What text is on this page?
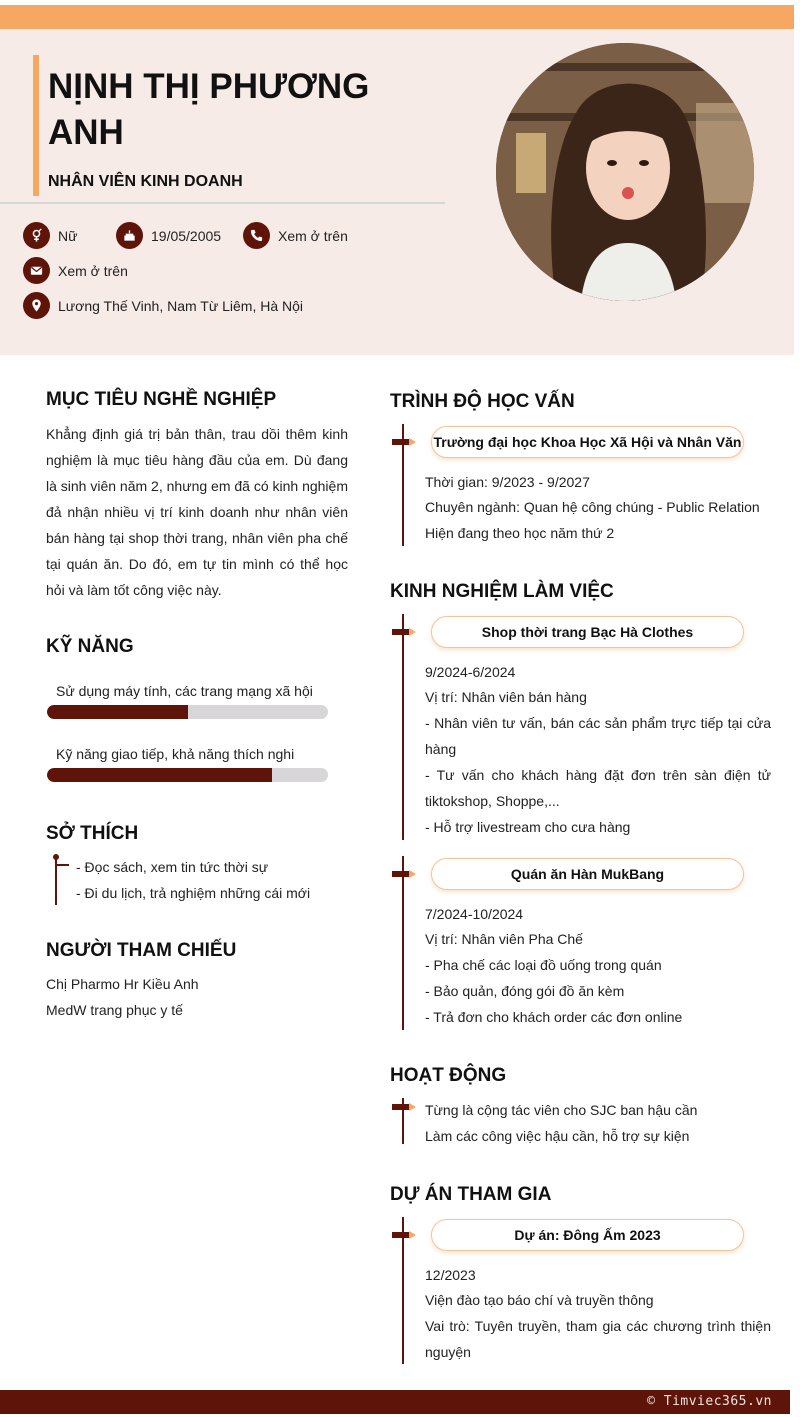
NỊNH THỊ PHƯƠNG ANH
NHÂN VIÊN KINH DOANH
Nữ	19/05/2005	Xem ở trên
Xem ở trên
Lương Thế Vinh, Nam Từ Liêm, Hà Nội
MỤC TIÊU NGHỀ NGHIỆP
Khẳng định giá trị bản thân, trau dồi thêm kinh nghiệm là mục tiêu hàng đầu của em. Dù đang là sinh viên năm 2, nhưng em đã có kinh nghiệm đả nhận nhiều vị trí kinh doanh như nhân viên bán hàng tại shop thời trang, nhân viên pha chế tại quán ăn. Do đó, em tự tin mình có thể học hỏi và làm tốt công việc này.
KỸ NĂNG
Sử dụng máy tính, các trang mạng xã hội
Kỹ năng giao tiếp, khả năng thích nghi
SỞ THÍCH
- Đọc sách, xem tin tức thời sự
- Đi du lịch, trả nghiệm những cái mới
NGƯỜI THAM CHIẾU
Chị Pharmo Hr Kiều Anh
MedW trang phục y tế
TRÌNH ĐỘ HỌC VẤN
Trường đại học Khoa Học Xã Hội và Nhân Văn
Thời gian: 9/2023 - 9/2027
Chuyên ngành: Quan hệ công chúng - Public Relation
Hiện đang theo học năm thứ 2
KINH NGHIỆM LÀM VIỆC
Shop thời trang Bạc Hà Clothes
9/2024-6/2024
Vị trí: Nhân viên bán hàng
- Nhân viên tư vấn, bán các sản phẩm trực tiếp tại cửa hàng
- Tư vấn cho khách hàng đặt đơn trên sàn điện tử tiktokshop, Shoppe,...
- Hỗ trợ livestream cho cưa hàng
Quán ăn Hàn MukBang
7/2024-10/2024
Vị trí: Nhân viên Pha Chế
- Pha chế các loại đồ uống trong quán
- Bảo quản, đóng gói đồ ăn kèm
- Trả đơn cho khách order các đơn online
HOẠT ĐỘNG
Từng là cộng tác viên cho SJC ban hậu cần
Làm các công việc hậu cần, hỗ trợ sự kiện
DỰ ÁN THAM GIA
Dự án: Đông Ấm 2023
12/2023
Viện đào tạo báo chí và truyền thông
Vai trò: Tuyên truyền, tham gia các chương trình thiện nguyện
© Timviec365.vn
